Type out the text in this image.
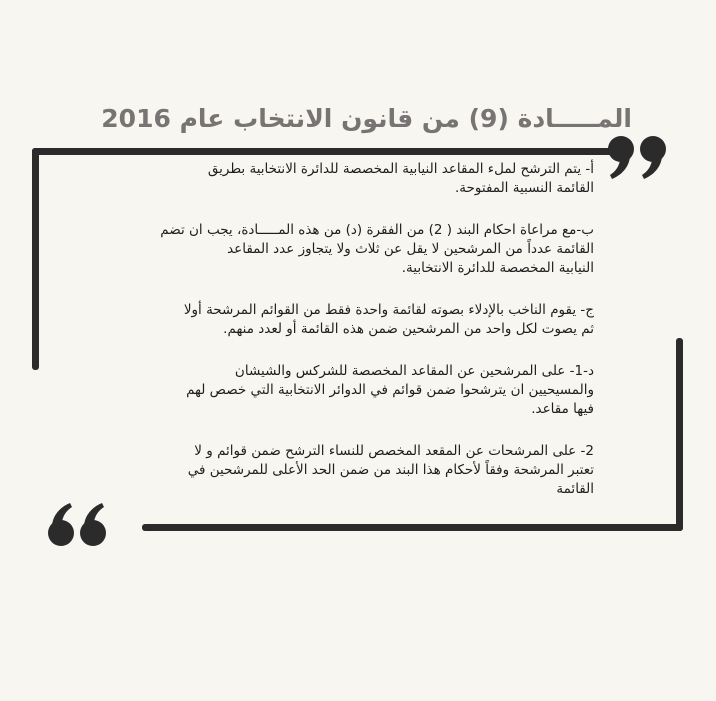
المـــــادة (9) من قانون الانتخاب عام 2016

أ- يتم الترشح لملء المقاعد النيابية المخصصة للدائرة الانتخابية بطريق
القائمة النسبية المفتوحة.

ب-مع مراعاة احكام البند ( 2) من الفقرة (د) من هذه المـــــادة، يجب ان تضم
القائمة عدداً من المرشحين لا يقل عن ثلاث ولا يتجاوز عدد المقاعد
النيابية المخصصة للدائرة الانتخابية.

ج- يقوم الناخب بالإدلاء بصوته لقائمة واحدة فقط من القوائم المرشحة أولا
ثم يصوت لكل واحد من المرشحين ضمن هذه القائمة أو لعدد منهم.

د-1- على المرشحين عن المقاعد المخصصة للشركس والشيشان
والمسيحيين ان يترشحوا ضمن قوائم في الدوائر الانتخابية التي خصص لهم
فيها مقاعد.

2- على المرشحات عن المقعد المخصص للنساء الترشح ضمن قوائم و لا
تعتبر المرشحة وفقاً لأحكام هذا البند من ضمن الحد الأعلى للمرشحين في
القائمة
